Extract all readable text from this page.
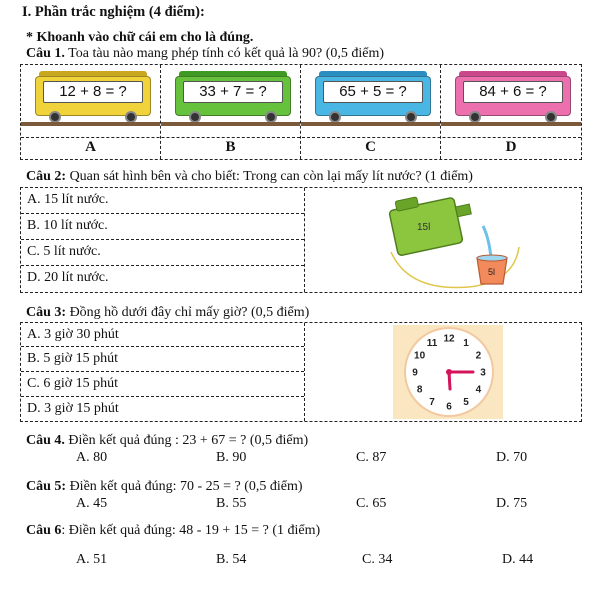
I. Phần trắc nghiệm (4 điểm):
* Khoanh vào chữ cái em cho là đúng.
Câu 1. Toa tàu nào mang phép tính có kết quả là 90? (0,5 điểm)
12 + 8 = ?
A
33 + 7 = ?
B
65 + 5 = ?
C
84 + 6 = ?
D
Câu 2: Quan sát hình bên và cho biết: Trong can còn lại mấy lít nước? (1 điểm)
A. 15 lít nước.
B. 10 lít nước.
C. 5 lít nước.
D. 20 lít nước.
15l
5l
Câu 3: Đồng hồ dưới đây chỉ mấy giờ? (0,5 điểm)
A. 3 giờ 30 phút
B. 5 giờ 15 phút
C. 6 giờ 15 phút
D. 3 giờ 15 phút
12 1
2
3
4
5
6
7
8
9
10
11
Câu 4. Điền kết quả đúng : 23 + 67 = ? (0,5 điểm)
A. 80	B. 90	C. 87	D. 70
Câu 5: Điền kết quả đúng: 70 - 25 = ? (0,5 điểm)
A. 45	B. 55	C. 65	D. 75
Câu 6: Điền kết quả đúng: 48 - 19 + 15 = ? (1 điểm)
A. 51	B. 54	C. 34	D. 44
